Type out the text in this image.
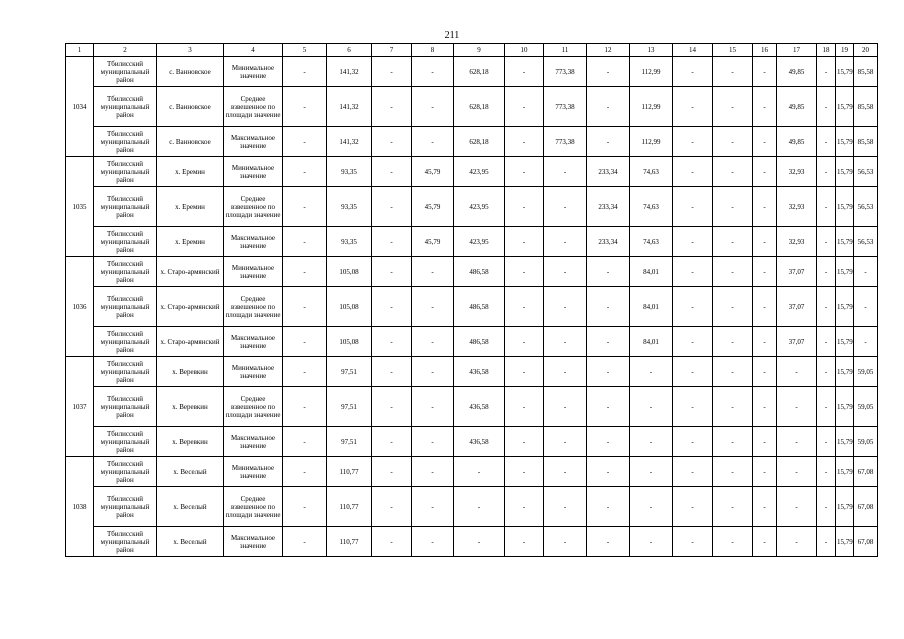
211
1	2	3	4	5	6	7	8	9	10	11	12	13	14	15	16	17	18	19	20
1034	Тбилисский муниципальный район	с. Ванновское	Минимальное значение	-	141,32	-	-	628,18	-	773,38	-	112,99	-	-	-	49,85	-	15,79	85,58
	Тбилисский муниципальный район	с. Ванновское	Среднее взвешенное по площади значение	-	141,32	-	-	628,18	-	773,38	-	112,99	-	-	-	49,85	-	15,79	85,58
	Тбилисский муниципальный район	с. Ванновское	Максимальное значение	-	141,32	-	-	628,18	-	773,38	-	112,99	-	-	-	49,85	-	15,79	85,58
1035	Тбилисский муниципальный район	х. Еремин	Минимальное значение	-	93,35	-	45,79	423,95	-	-	233,34	74,63	-	-	-	32,93	-	15,79	56,53
	Тбилисский муниципальный район	х. Еремин	Среднее взвешенное по площади значение	-	93,35	-	45,79	423,95	-	-	233,34	74,63	-	-	-	32,93	-	15,79	56,53
	Тбилисский муниципальный район	х. Еремин	Максимальное значение	-	93,35	-	45,79	423,95	-	-	233,34	74,63	-	-	-	32,93	-	15,79	56,53
1036	Тбилисский муниципальный район	х. Старо-армянский	Минимальное значение	-	105,08	-	-	486,58	-	-	-	84,01	-	-	-	37,07	-	15,79	-
	Тбилисский муниципальный район	х. Старо-армянский	Среднее взвешенное по площади значение	-	105,08	-	-	486,58	-	-	-	84,01	-	-	-	37,07	-	15,79	-
	Тбилисский муниципальный район	х. Старо-армянский	Максимальное значение	-	105,08	-	-	486,58	-	-	-	84,01	-	-	-	37,07	-	15,79	-
1037	Тбилисский муниципальный район	х. Веревкин	Минимальное значение	-	97,51	-	-	436,58	-	-	-	-	-	-	-	-	-	15,79	59,05
	Тбилисский муниципальный район	х. Веревкин	Среднее взвешенное по площади значение	-	97,51	-	-	436,58	-	-	-	-	-	-	-	-	-	15,79	59,05
	Тбилисский муниципальный район	х. Веревкин	Максимальное значение	-	97,51	-	-	436,58	-	-	-	-	-	-	-	-	-	15,79	59,05
1038	Тбилисский муниципальный район	х. Веселый	Минимальное значение	-	110,77	-	-	-	-	-	-	-	-	-	-	-	-	15,79	67,08
	Тбилисский муниципальный район	х. Веселый	Среднее взвешенное по площади значение	-	110,77	-	-	-	-	-	-	-	-	-	-	-	-	15,79	67,08
	Тбилисский муниципальный район	х. Веселый	Максимальное значение	-	110,77	-	-	-	-	-	-	-	-	-	-	-	-	15,79	67,08
